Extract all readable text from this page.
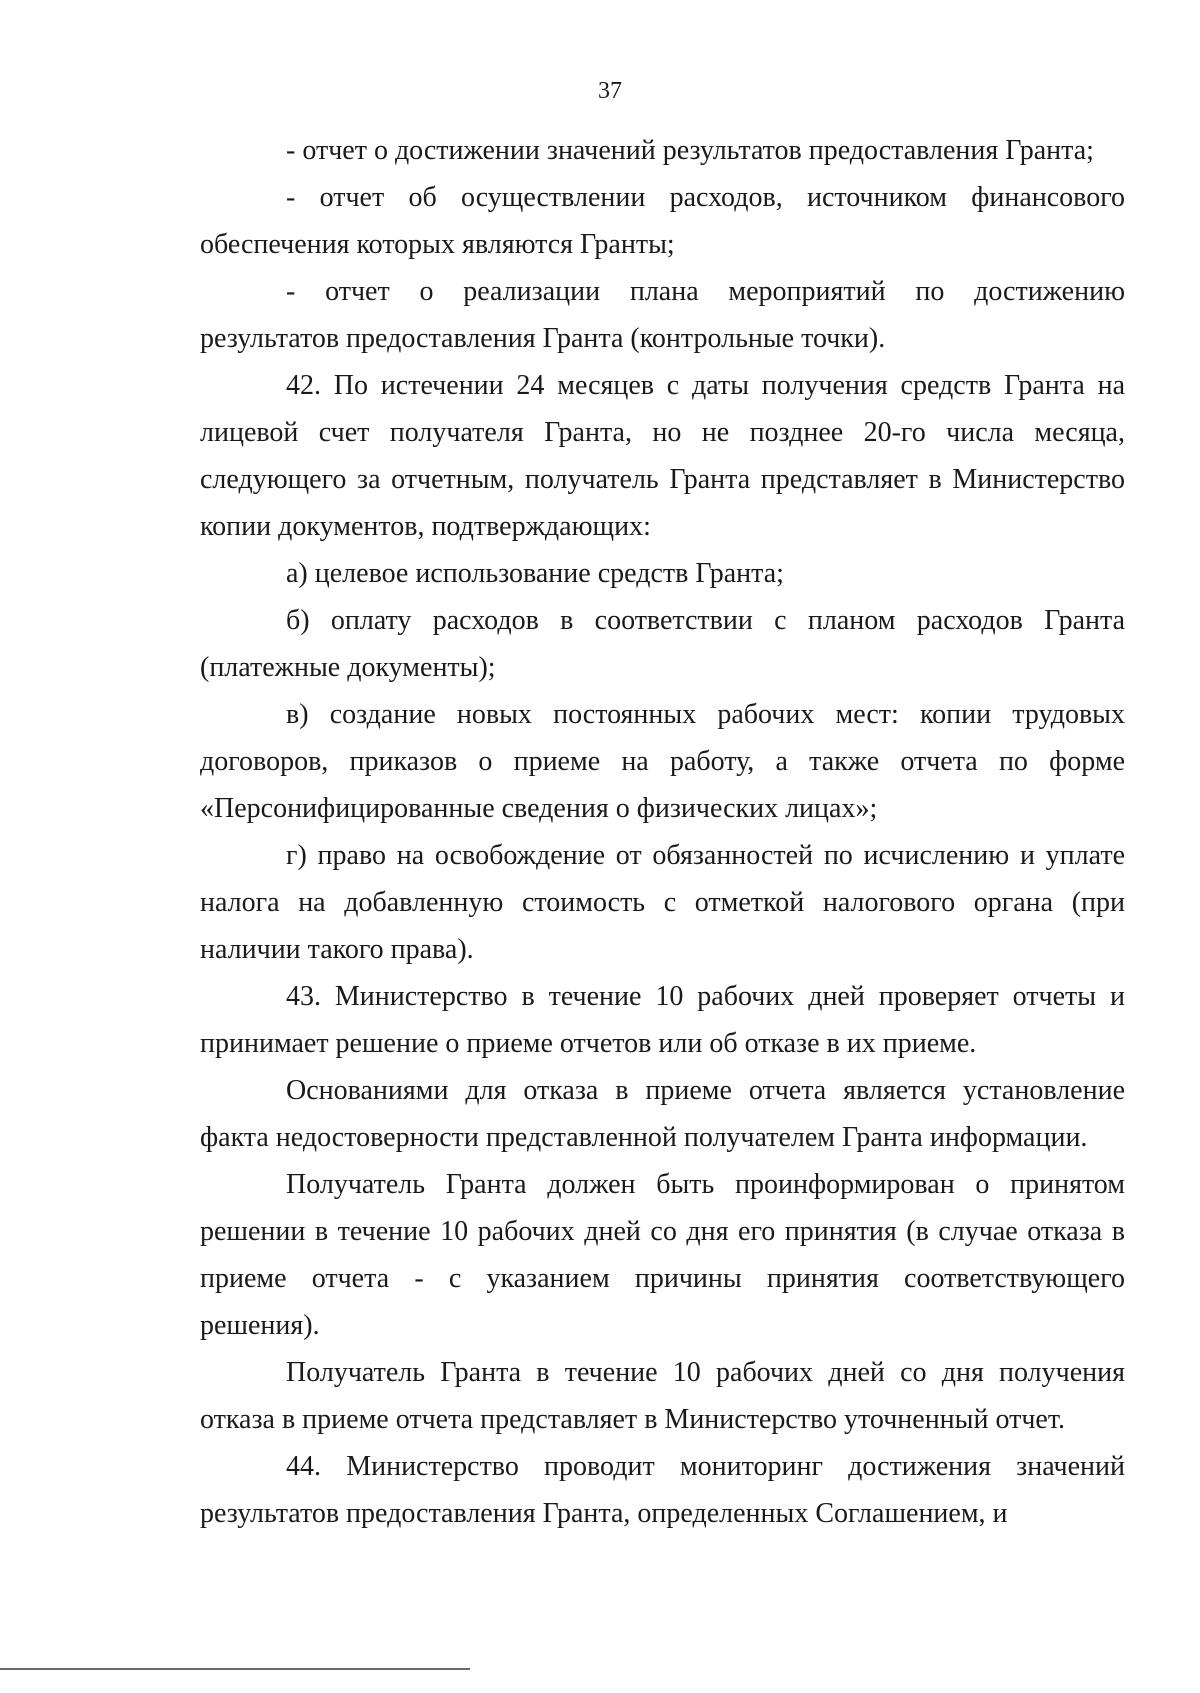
37
- отчет о достижении значений результатов предоставления Гранта;
- отчет об осуществлении расходов, источником финансового
обеспечения которых являются Гранты;
- отчет о реализации плана мероприятий по достижению
результатов предоставления Гранта (контрольные точки).
42. По истечении 24 месяцев с даты получения средств Гранта на
лицевой счет получателя Гранта, но не позднее 20-го числа месяца,
следующего за отчетным, получатель Гранта представляет в Министерство
копии документов, подтверждающих:
а) целевое использование средств Гранта;
б) оплату расходов в соответствии с планом расходов Гранта
(платежные документы);
в) создание новых постоянных рабочих мест: копии трудовых
договоров, приказов о приеме на работу, а также отчета по форме
«Персонифицированные сведения о физических лицах»;
г) право на освобождение от обязанностей по исчислению и уплате
налога на добавленную стоимость с отметкой налогового органа (при
наличии такого права).
43. Министерство в течение 10 рабочих дней проверяет отчеты и
принимает решение о приеме отчетов или об отказе в их приеме.
Основаниями для отказа в приеме отчета является установление
факта недостоверности представленной получателем Гранта информации.
Получатель Гранта должен быть проинформирован о принятом
решении в течение 10 рабочих дней со дня его принятия (в случае отказа в
приеме отчета - с указанием причины принятия соответствующего
решения).
Получатель Гранта в течение 10 рабочих дней со дня получения
отказа в приеме отчета представляет в Министерство уточненный отчет.
44. Министерство проводит мониторинг достижения значений
результатов предоставления Гранта, определенных Соглашением, и
